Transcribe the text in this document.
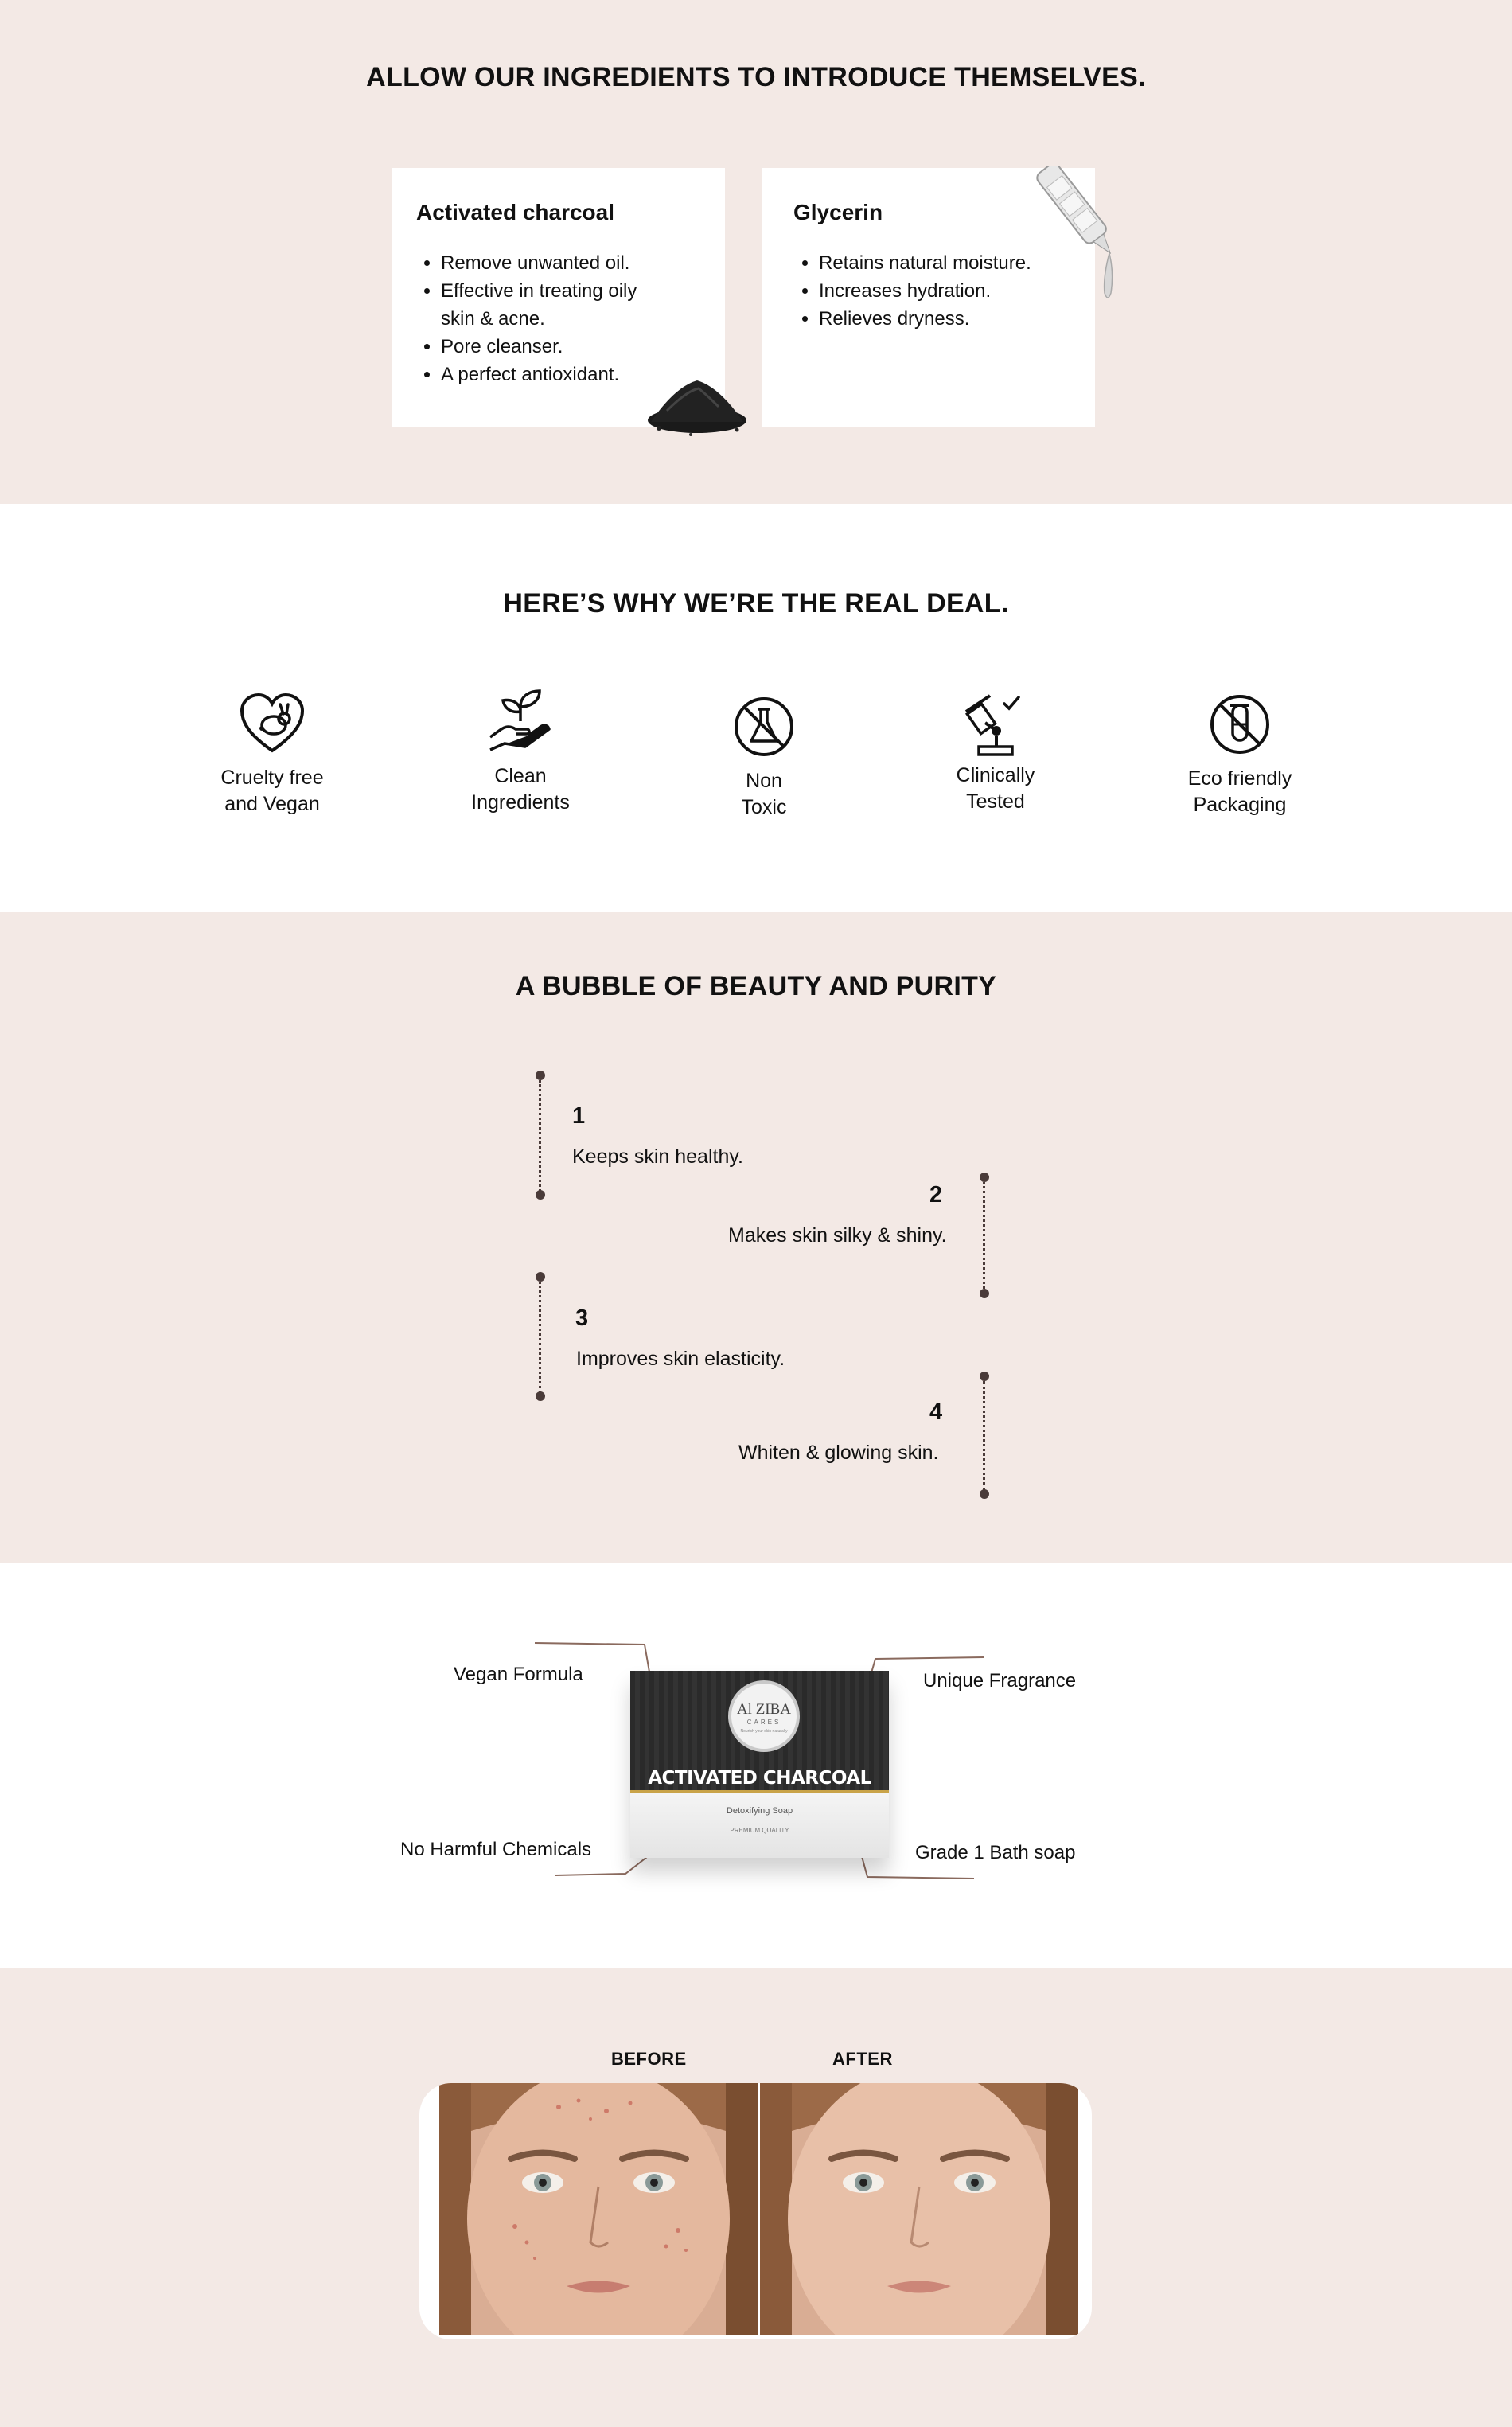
ALLOW OUR INGREDIENTS TO INTRODUCE THEMSELVES.
Activated charcoal
• Remove unwanted oil.
• Effective in treating oily skin & acne.
• Pore cleanser.
• A perfect antioxidant.
Glycerin
• Retains natural moisture.
• Increases hydration.
• Relieves dryness.
HERE’S WHY WE’RE THE REAL DEAL.
Cruelty free
and Vegan
Clean
Ingredients
Non
Toxic
Clinically
Tested
Eco friendly
Packaging
A BUBBLE OF BEAUTY AND PURITY
1
Keeps skin healthy.
2
Makes skin silky & shiny.
3
Improves skin elasticity.
4
Whiten & glowing skin.
Vegan Formula	Unique Fragrance
No Harmful Chemicals	Grade 1 Bath soap
Al ZIBA
CARES
Nourish your skin naturally
ACTIVATED CHARCOAL
Detoxifying Soap
PREMIUM QUALITY
BEFORE	AFTER
